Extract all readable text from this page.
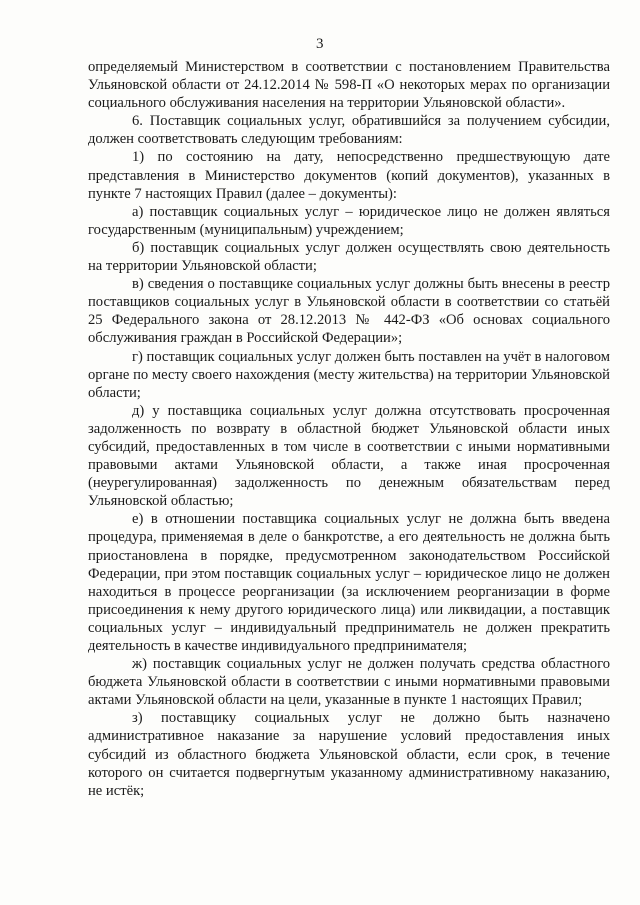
3

определяемый Министерством в соответствии с постановлением Правительства Ульяновской области от 24.12.2014 № 598-П «О некоторых мерах по организации социального обслуживания населения на территории Ульяновской области».

6. Поставщик социальных услуг, обратившийся за получением субсидии, должен соответствовать следующим требованиям:

1) по состоянию на дату, непосредственно предшествующую дате представления в Министерство документов (копий документов), указанных в пункте 7 настоящих Правил (далее – документы):

а) поставщик социальных услуг – юридическое лицо не должен являться государственным (муниципальным) учреждением;

б) поставщик социальных услуг должен осуществлять свою деятельность на территории Ульяновской области;

в) сведения о поставщике социальных услуг должны быть внесены в реестр поставщиков социальных услуг в Ульяновской области в соответствии со статьёй 25 Федерального закона от 28.12.2013 № 442-ФЗ «Об основах социального обслуживания граждан в Российской Федерации»;

г) поставщик социальных услуг должен быть поставлен на учёт в налоговом органе по месту своего нахождения (месту жительства) на территории Ульяновской области;

д) у поставщика социальных услуг должна отсутствовать просроченная задолженность по возврату в областной бюджет Ульяновской области иных субсидий, предоставленных в том числе в соответствии с иными нормативными правовыми актами Ульяновской области, а также иная просроченная (неурегулированная) задолженность по денежным обязательствам перед Ульяновской областью;

е) в отношении поставщика социальных услуг не должна быть введена процедура, применяемая в деле о банкротстве, а его деятельность не должна быть приостановлена в порядке, предусмотренном законодательством Российской Федерации, при этом поставщик социальных услуг – юридическое лицо не должен находиться в процессе реорганизации (за исключением реорганизации в форме присоединения к нему другого юридического лица) или ликвидации, а поставщик социальных услуг – индивидуальный предприниматель не должен прекратить деятельность в качестве индивидуального предпринимателя;

ж) поставщик социальных услуг не должен получать средства областного бюджета Ульяновской области в соответствии с иными нормативными правовыми актами Ульяновской области на цели, указанные в пункте 1 настоящих Правил;

з) поставщику социальных услуг не должно быть назначено административное наказание за нарушение условий предоставления иных субсидий из областного бюджета Ульяновской области, если срок, в течение которого он считается подвергнутым указанному административному наказанию, не истёк;
